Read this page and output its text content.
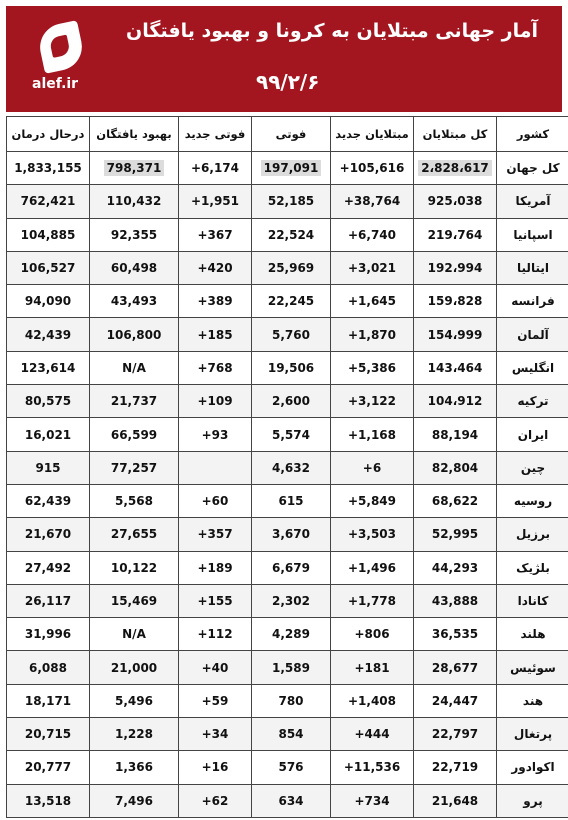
آمار جهانی مبتلایان به کرونا و بهبود یافتگان
۹۹/۲/۶
alef.ir
کشور	کل مبتلایان	مبتلایان جدید	فوتی	فوتی جدید	بهبود یافتگان	درحال درمان
کل جهان	2،828،617	+105,616	197,091	+6,174	798,371	1,833,155
آمریکا	925،038	+38,764	52,185	+1,951	110,432	762,421
اسپانیا	219،764	+6,740	22,524	+367	92,355	104,885
ایتالیا	192،994	+3,021	25,969	+420	60,498	106,527
فرانسه	159،828	+1,645	22,245	+389	43,493	94,090
آلمان	154،999	+1,870	5,760	+185	106,800	42,439
انگلیس	143،464	+5,386	19,506	+768	N/A	123,614
ترکیه	104،912	+3,122	2,600	+109	21,737	80,575
ایران	88,194	+1,168	5,574	+93	66,599	16,021
چین	82,804	+6	4,632		77,257	915
روسیه	68,622	+5,849	615	+60	5,568	62,439
برزیل	52,995	+3,503	3,670	+357	27,655	21,670
بلژیک	44,293	+1,496	6,679	+189	10,122	27,492
کانادا	43,888	+1,778	2,302	+155	15,469	26,117
هلند	36,535	+806	4,289	+112	N/A	31,996
سوئیس	28,677	+181	1,589	+40	21,000	6,088
هند	24,447	+1,408	780	+59	5,496	18,171
پرتغال	22,797	+444	854	+34	1,228	20,715
اکوادور	22,719	+11,536	576	+16	1,366	20,777
پرو	21,648	+734	634	+62	7,496	13,518
